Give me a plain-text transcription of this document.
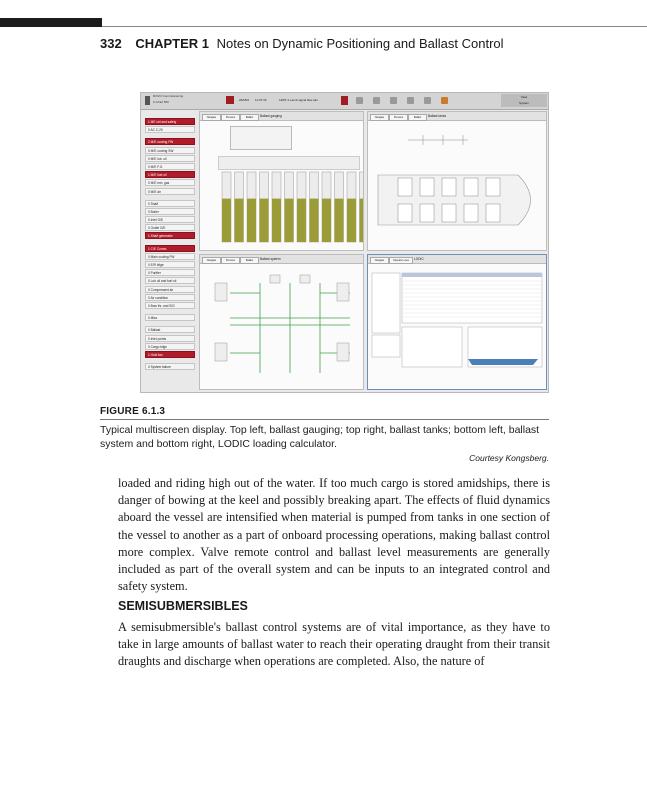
332 CHAPTER 1 Notes on Dynamic Positioning and Ballast Control
ROVO Commissioning
K-Chief 500	26/05/2 11:07:33	LIMIT-1 Lamb signal flow alm
View
System
1 ME ctrl and safety
0 AC C-20
2 M/E cooling FW
0 M/E cooling SW
0 M/E lub. oil
0 M/E F.O.
1 M/E fuel oil
0 M/E exh. gas
0 M/E air
0 Shaft
0 Boiler
0 Inlet G/E
0 Outlet G/E
1 Shaft generator
1 C/E Comm.
0 Main cooling FW
0 E/R bilge
0 Purifier
0 Lub oil and fuel oil
0 Compressed air
0 Air condition
0 Bow thr. and S/G
0 Misc
0 Ballast
0 Inlet points
0 Cargo bilge
1 Hold fan
0 System failure
Navigate	Previous	Ballast	Ballast gauging	Navigate	Previous	Ballast	Ballast tanks
Navigate	Previous	Ballast	Ballast system	Navigate	Operation view	LODIC
FIGURE 6.1.3
Typical multiscreen display. Top left, ballast gauging; top right, ballast tanks; bottom left, ballast system and bottom right, LODIC loading calculator.
Courtesy Kongsberg.
loaded and riding high out of the water. If too much cargo is stored amidships, there is danger of bowing at the keel and possibly breaking apart. The effects of fluid dynamics aboard the vessel are intensified when material is pumped from tanks in one section of the vessel to another as a part of onboard processing operations, making ballast control more complex. Valve remote control and ballast level measurements are generally included as part of the overall system and can be inputs to an integrated control and safety system.
SEMISUBMERSIBLES
A semisubmersible's ballast control systems are of vital importance, as they have to take in large amounts of ballast water to reach their operating draught from their transit draughts and discharge when operations are completed. Also, the nature of
